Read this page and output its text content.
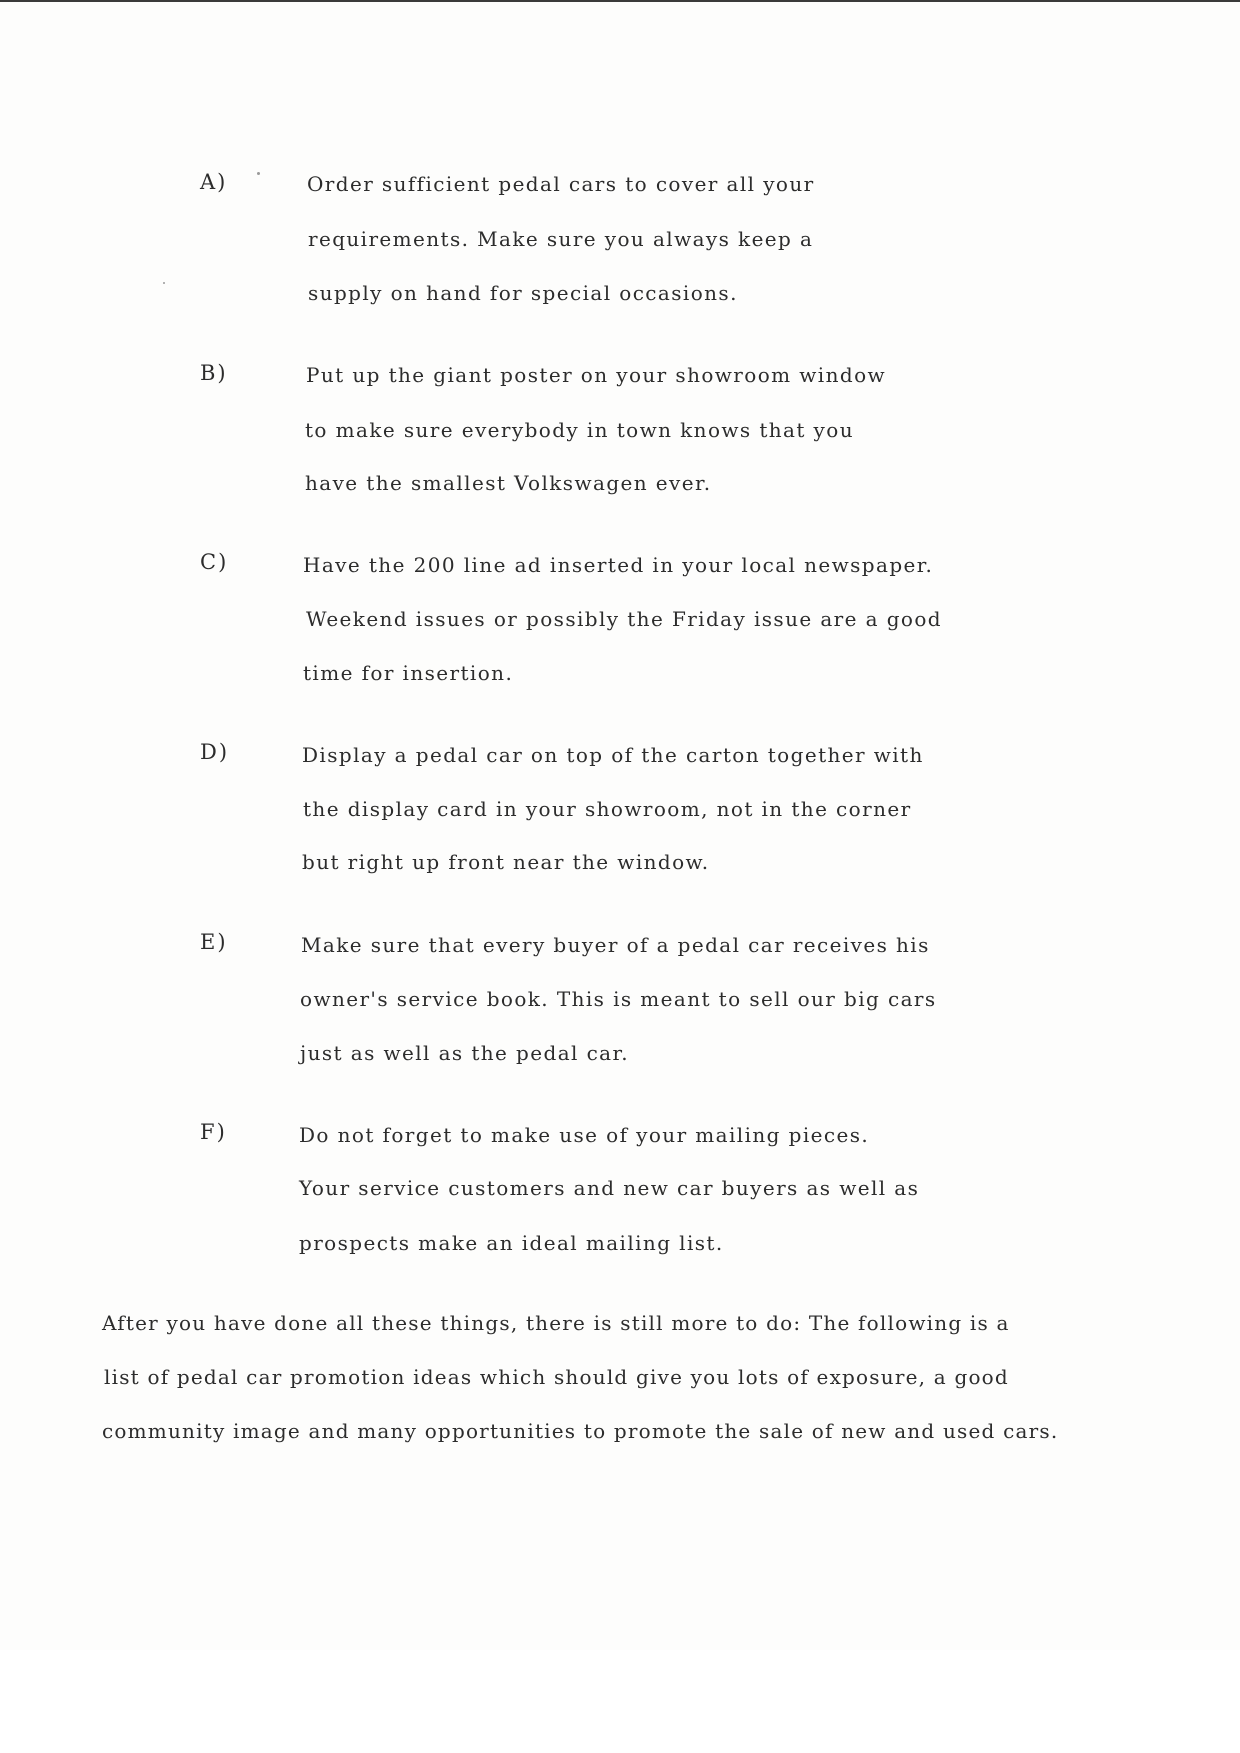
A)	Order sufficient pedal cars to cover all your
requirements. Make sure you always keep a
supply on hand for special occasions.
B)	Put up the giant poster on your showroom window
to make sure everybody in town knows that you
have the smallest Volkswagen ever.
C)	Have the 200 line ad inserted in your local newspaper.
Weekend issues or possibly the Friday issue are a good
time for insertion.
D)	Display a pedal car on top of the carton together with
the display card in your showroom, not in the corner
but right up front near the window.
E)	Make sure that every buyer of a pedal car receives his
owner's service book. This is meant to sell our big cars
just as well as the pedal car.
F)	Do not forget to make use of your mailing pieces.
Your service customers and new car buyers as well as
prospects make an ideal mailing list.
After you have done all these things, there is still more to do: The following is a
list of pedal car promotion ideas which should give you lots of exposure, a good
community image and many opportunities to promote the sale of new and used cars.
